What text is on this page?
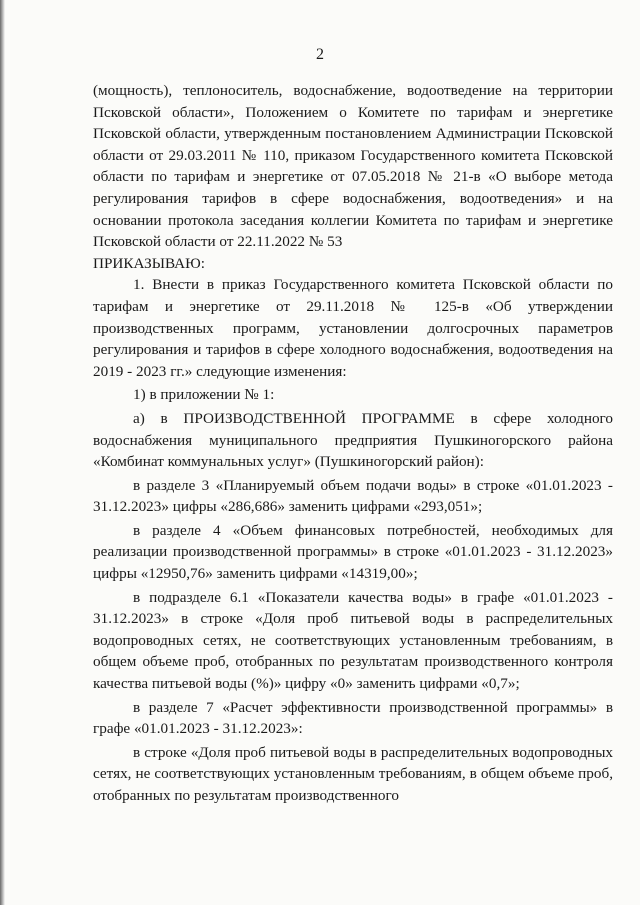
2

(мощность), теплоноситель, водоснабжение, водоотведение на территории Псковской области», Положением о Комитете по тарифам и энергетике Псковской области, утвержденным постановлением Администрации Псковской области от 29.03.2011 № 110, приказом Государственного комитета Псковской области по тарифам и энергетике от 07.05.2018 № 21-в «О выборе метода регулирования тарифов в сфере водоснабжения, водоотведения» и на основании протокола заседания коллегии Комитета по тарифам и энергетике Псковской области от 22.11.2022 № 53

ПРИКАЗЫВАЮ:

1. Внести в приказ Государственного комитета Псковской области по тарифам и энергетике от 29.11.2018 № 125-в «Об утверждении производственных программ, установлении долгосрочных параметров регулирования и тарифов в сфере холодного водоснабжения, водоотведения на 2019 - 2023 гг.» следующие изменения:

1) в приложении № 1:

а) в ПРОИЗВОДСТВЕННОЙ ПРОГРАММЕ в сфере холодного водоснабжения муниципального предприятия Пушкиногорского района «Комбинат коммунальных услуг» (Пушкиногорский район):

в разделе 3 «Планируемый объем подачи воды» в строке «01.01.2023 - 31.12.2023» цифры «286,686» заменить цифрами «293,051»;

в разделе 4 «Объем финансовых потребностей, необходимых для реализации производственной программы» в строке «01.01.2023 - 31.12.2023» цифры «12950,76» заменить цифрами «14319,00»;

в подразделе 6.1 «Показатели качества воды» в графе «01.01.2023 - 31.12.2023» в строке «Доля проб питьевой воды в распределительных водопроводных сетях, не соответствующих установленным требованиям, в общем объеме проб, отобранных по результатам производственного контроля качества питьевой воды (%)» цифру «0» заменить цифрами «0,7»;

в разделе 7 «Расчет эффективности производственной программы» в графе «01.01.2023 - 31.12.2023»:

в строке «Доля проб питьевой воды в распределительных водопроводных сетях, не соответствующих установленным требованиям, в общем объеме проб, отобранных по результатам производственного
